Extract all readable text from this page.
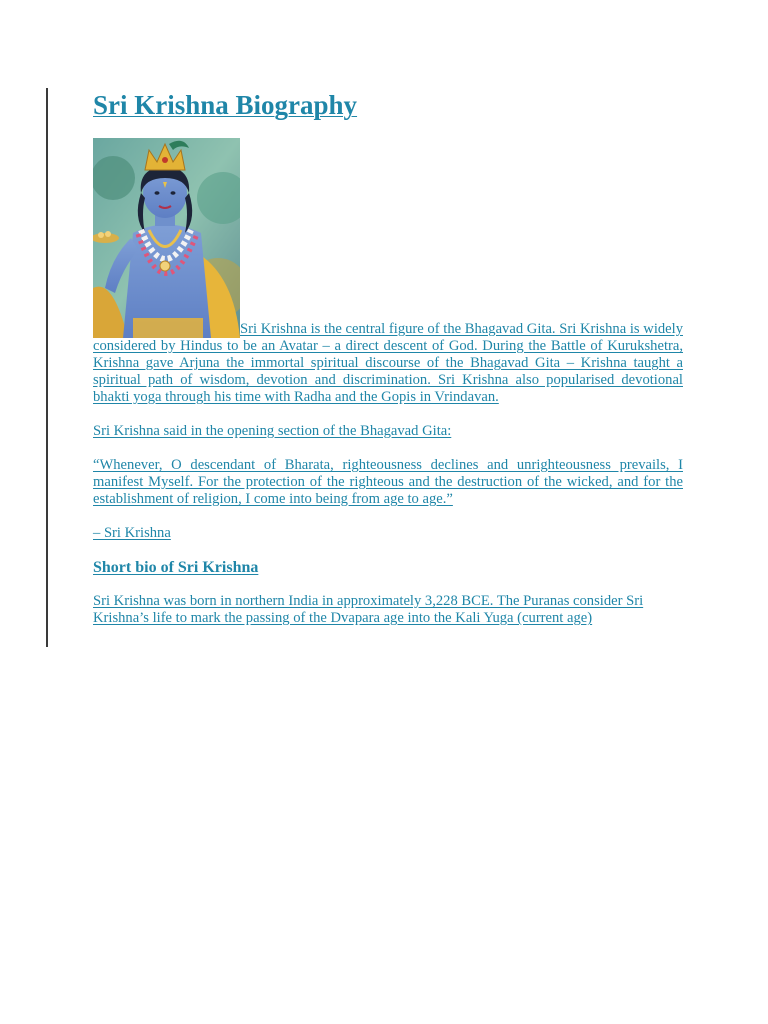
Sri Krishna Biography

Sri Krishna is the central figure of the Bhagavad Gita. Sri Krishna is widely considered by Hindus to be an Avatar – a direct descent of God. During the Battle of Kurukshetra, Krishna gave Arjuna the immortal spiritual discourse of the Bhagavad Gita – Krishna taught a spiritual path of wisdom, devotion and discrimination. Sri Krishna also popularised devotional bhakti yoga through his time with Radha and the Gopis in Vrindavan.

Sri Krishna said in the opening section of the Bhagavad Gita:

“Whenever, O descendant of Bharata, righteousness declines and unrighteousness prevails, I manifest Myself. For the protection of the righteous and the destruction of the wicked, and for the establishment of religion, I come into being from age to age.”

– Sri Krishna

Short bio of Sri Krishna

Sri Krishna was born in northern India in approximately 3,228 BCE. The Puranas consider Sri Krishna’s life to mark the passing of the Dvapara age into the Kali Yuga (current age)
